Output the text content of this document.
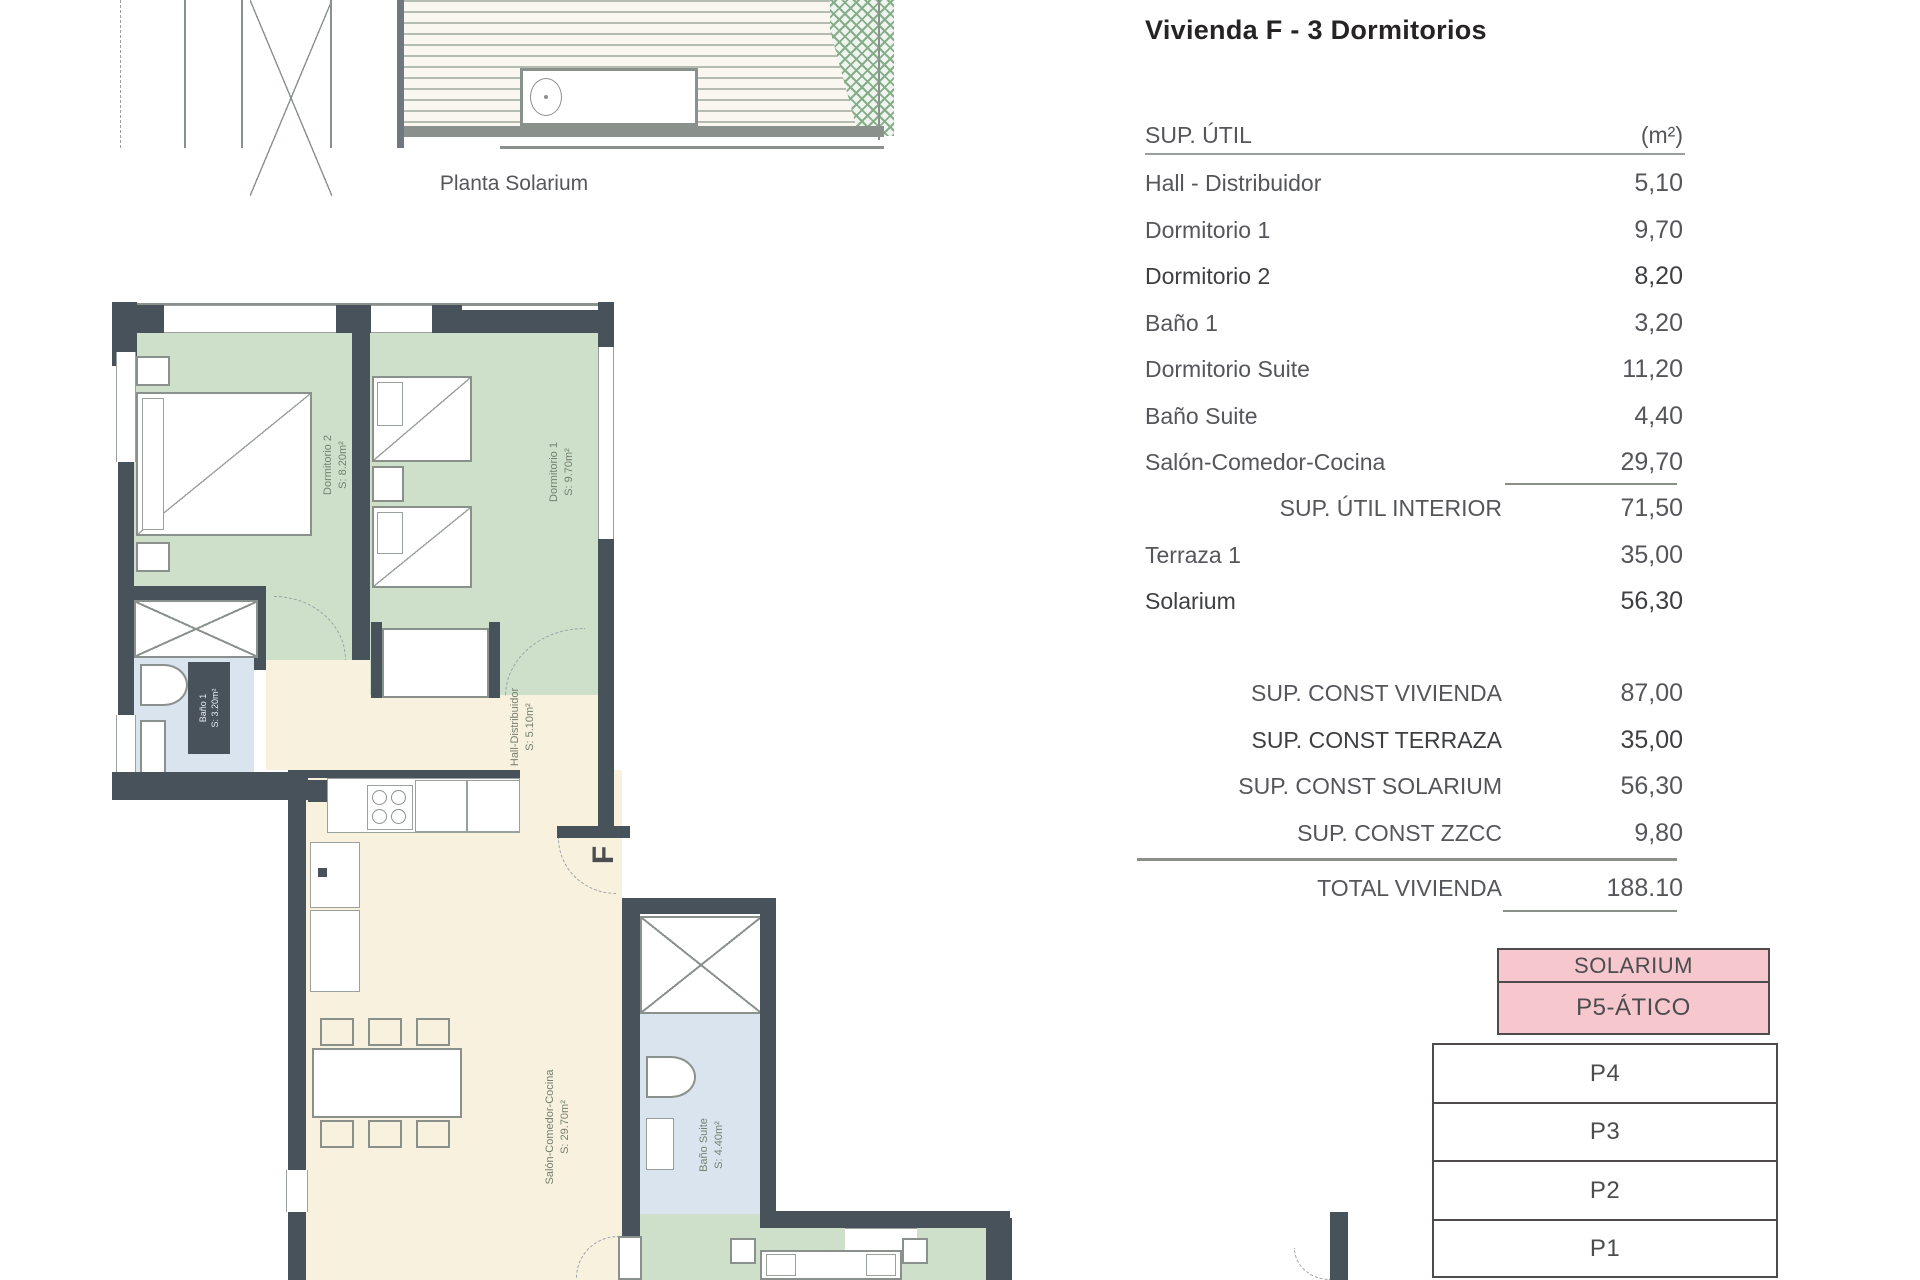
Planta Solarium
Dormitorio 2 S: 8.20m²	Dormitorio 1 S: 9.70m²
Baño 1 S: 3.20m²	Hall-Distribuidor S: 5.10m²
Salón-Comedor-Cocina S: 29.70m²
F
Baño Suite S: 4.40m²
Vivienda F - 3 Dormitorios
SUP. ÚTIL	(m²)
Hall - Distribuidor	5,10
Dormitorio 1	9,70
Dormitorio 2	8,20
Baño 1	3,20
Dormitorio Suite	11,20
Baño Suite	4,40
Salón-Comedor-Cocina	29,70
SUP. ÚTIL INTERIOR	71,50
Terraza 1	35,00
Solarium	56,30
SUP. CONST VIVIENDA	87,00
SUP. CONST TERRAZA	35,00
SUP. CONST SOLARIUM	56,30
SUP. CONST ZZCC	9,80
TOTAL VIVIENDA	188.10
SOLARIUM
P5-ÁTICO
P4
P3
P2
P1
